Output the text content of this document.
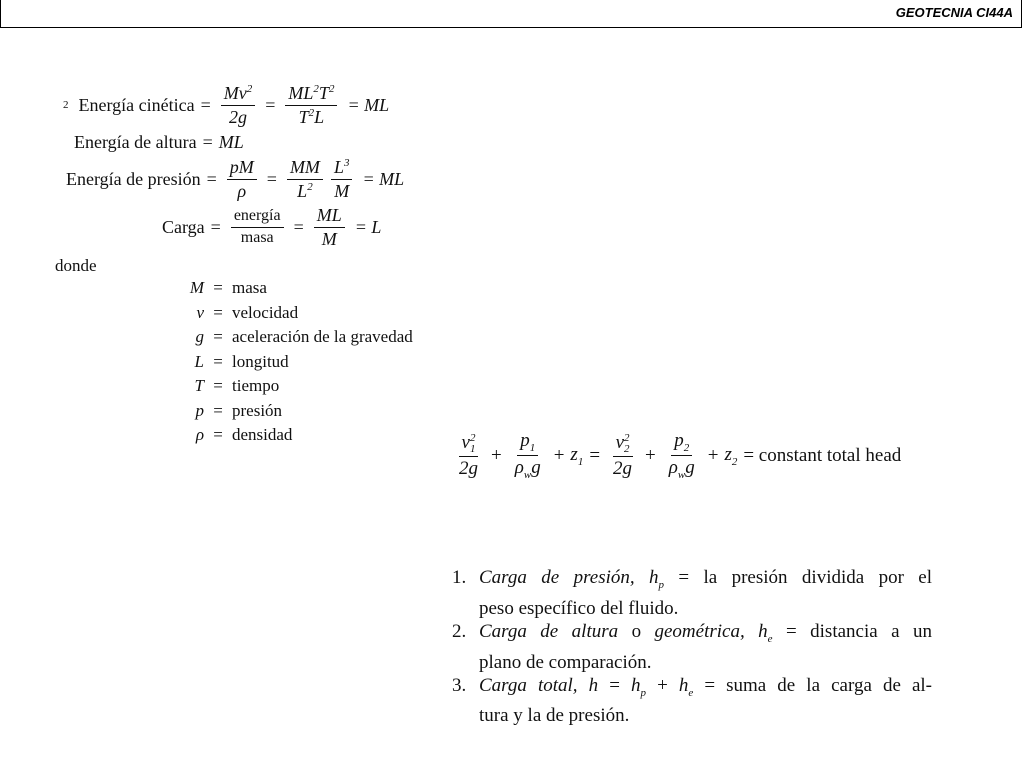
GEOTECNIA CI44A
2 Energía cinética = $\frac{Mv^2}{2g} = \frac{ML^2T^2}{T^2L}$ = ML
Energía de altura = ML
Energía de presión = $\frac{pM}{\rho} = \frac{MM}{L^2} \frac{L^3}{M}$ = ML
Carga = $\frac{\text{energía}}{\text{masa}} = \frac{ML}{M} = L$
donde
M = masa
v = velocidad
g = aceleración de la gravedad
L = longitud
T = tiempo
p = presión
ρ = densidad	v 2
1
$2g + \frac{p_1}{\rho_wg} + z_1 = v$ 2
2
$2g + \frac{p_2}{\rho_wg} + z_2$ = constant total head
1. Carga de presión, $h_p$ = la presión dividida por el
peso específico del fluido.
2. Carga de altura o geométrica, $h_e$ = distancia a un
plano de comparación.
3. Carga total, $h = h_p + h_e$ = suma de la carga de al-
tura y la de presión.
